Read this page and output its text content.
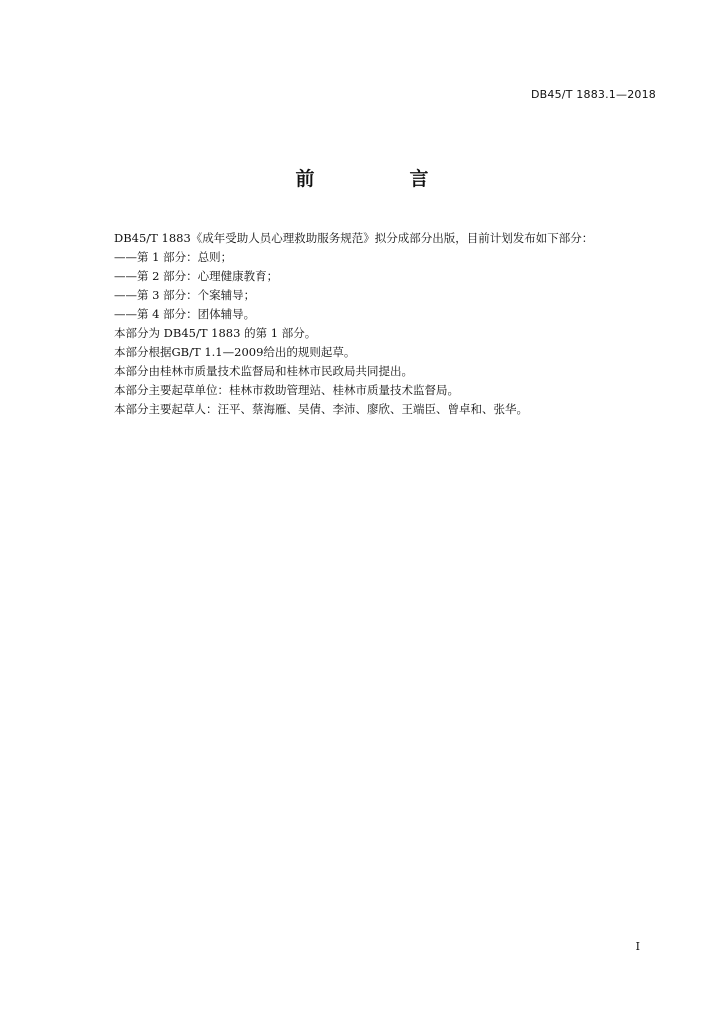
DB45/T 1883.1—2018
前　言
DB45/T 1883《成年受助人员心理救助服务规范》拟分成部分出版，目前计划发布如下部分：
——第 1 部分：总则；
——第 2 部分：心理健康教育；
——第 3 部分：个案辅导；
——第 4 部分：团体辅导。
本部分为 DB45/T 1883 的第 1 部分。
本部分根据GB/T 1.1—2009给出的规则起草。
本部分由桂林市质量技术监督局和桂林市民政局共同提出。
本部分主要起草单位：桂林市救助管理站、桂林市质量技术监督局。
本部分主要起草人：汪平、蔡海雁、吴倩、李沛、廖欣、王端臣、曾卓和、张华。
I
